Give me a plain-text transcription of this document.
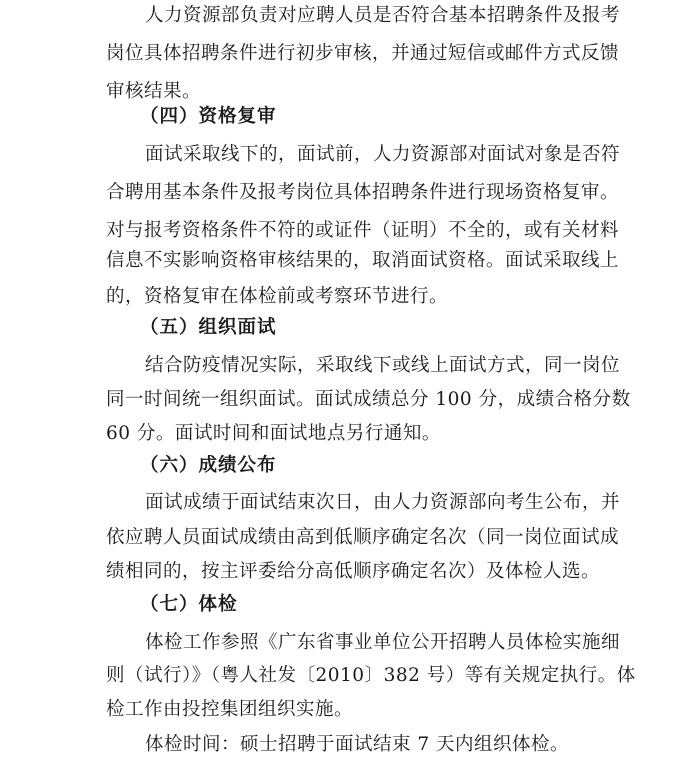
人力资源部负责对应聘人员是否符合基本招聘条件及报考
岗位具体招聘条件进行初步审核，并通过短信或邮件方式反馈
审核结果。
（四）资格复审
面试采取线下的，面试前，人力资源部对面试对象是否符
合聘用基本条件及报考岗位具体招聘条件进行现场资格复审。
对与报考资格条件不符的或证件（证明）不全的，或有关材料
信息不实影响资格审核结果的，取消面试资格。面试采取线上
的，资格复审在体检前或考察环节进行。
（五）组织面试
结合防疫情况实际，采取线下或线上面试方式，同一岗位
同一时间统一组织面试。面试成绩总分 100 分，成绩合格分数
60 分。面试时间和面试地点另行通知。
（六）成绩公布
面试成绩于面试结束次日，由人力资源部向考生公布，并
依应聘人员面试成绩由高到低顺序确定名次（同一岗位面试成
绩相同的，按主评委给分高低顺序确定名次）及体检人选。
（七）体检
体检工作参照《广东省事业单位公开招聘人员体检实施细
则（试行）》（粤人社发〔2010〕382 号）等有关规定执行。体
检工作由投控集团组织实施。
体检时间：硕士招聘于面试结束 7 天内组织体检。
